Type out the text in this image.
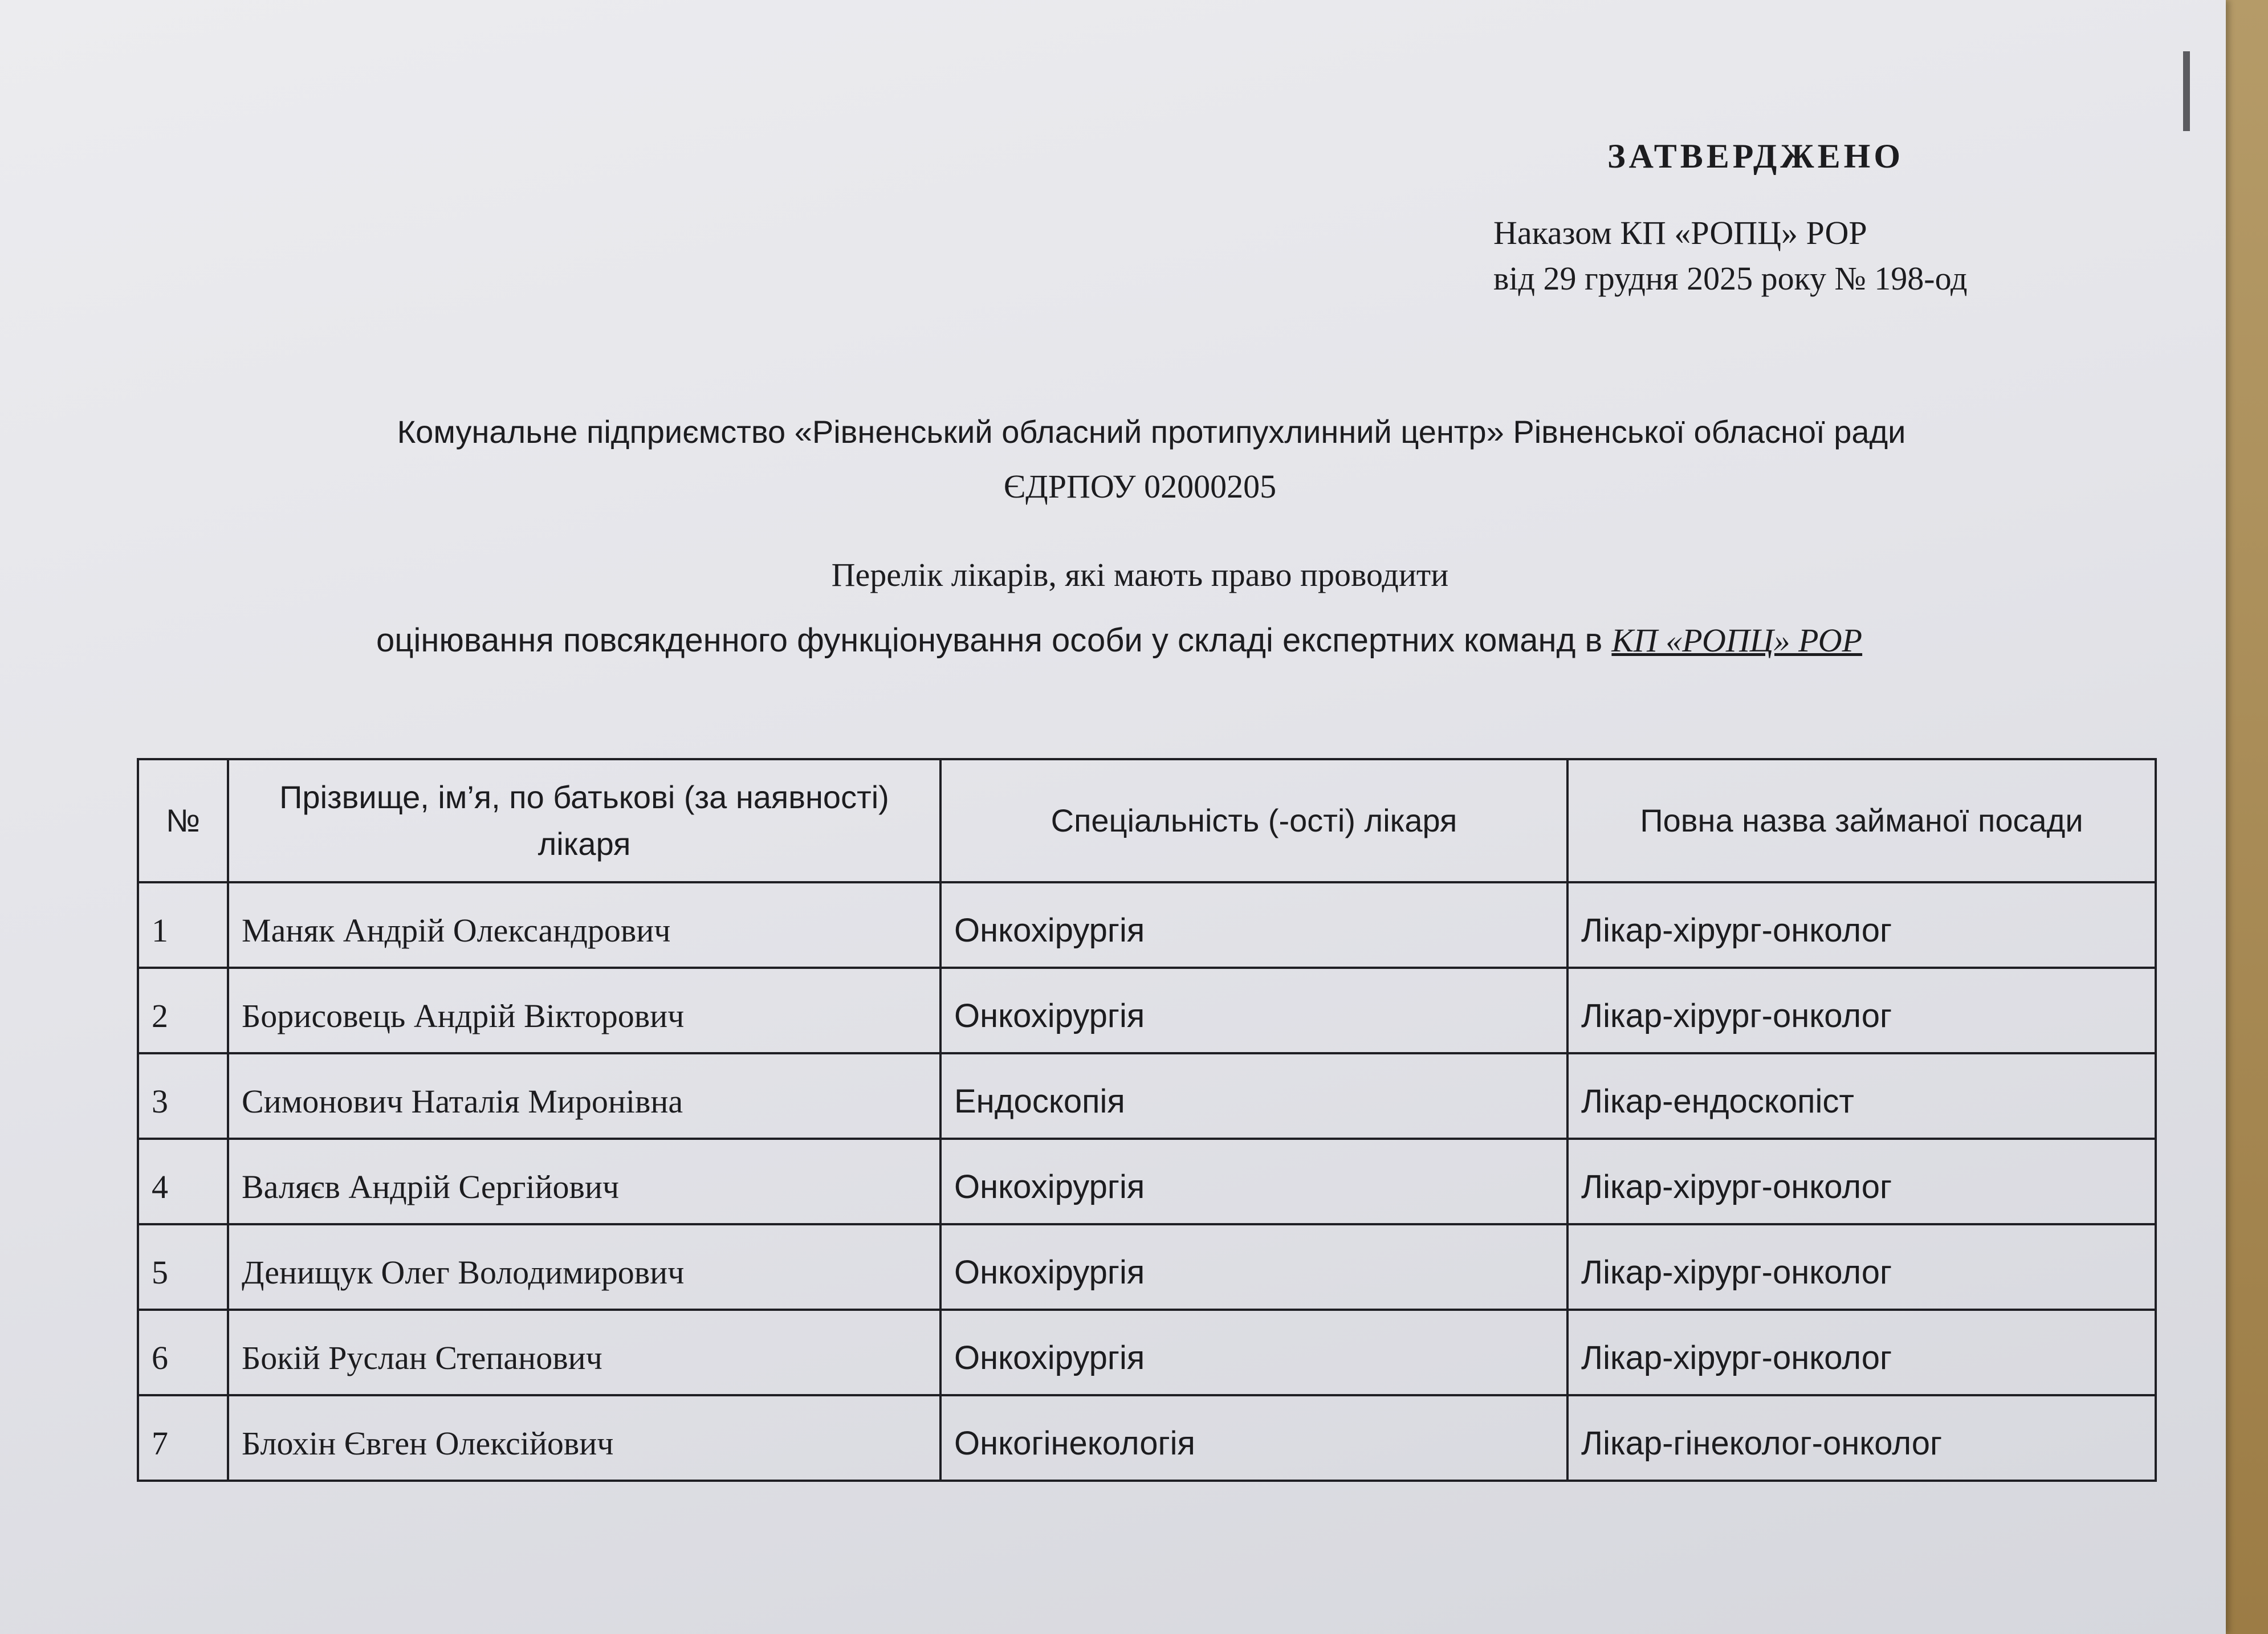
ЗАТВЕРДЖЕНО
Наказом КП «РОПЦ» РОР
від 29 грудня 2025 року № 198-од
Комунальне підприємство «Рівненський обласний протипухлинний центр» Рівненської обласної ради
ЄДРПОУ 02000205
Перелік лікарів, які мають право проводити
оцінювання повсякденного функціонування особи у складі експертних команд в КП «РОПЦ» РОР
№	Прізвище, ім’я, по батькові (за наявності) лікаря	Спеціальність (-ості) лікаря	Повна назва займаної посади
1	Маняк Андрій Олександрович	Онкохірургія	Лікар-хірург-онколог
2	Борисовець Андрій Вікторович	Онкохірургія	Лікар-хірург-онколог
3	Симонович Наталія Миронівна	Ендоскопія	Лікар-ендоскопіст
4	Валяєв Андрій Сергійович	Онкохірургія	Лікар-хірург-онколог
5	Денищук Олег Володимирович	Онкохірургія	Лікар-хірург-онколог
6	Бокій Руслан Степанович	Онкохірургія	Лікар-хірург-онколог
7	Блохін Євген Олексійович	Онкогінекологія	Лікар-гінеколог-онколог
